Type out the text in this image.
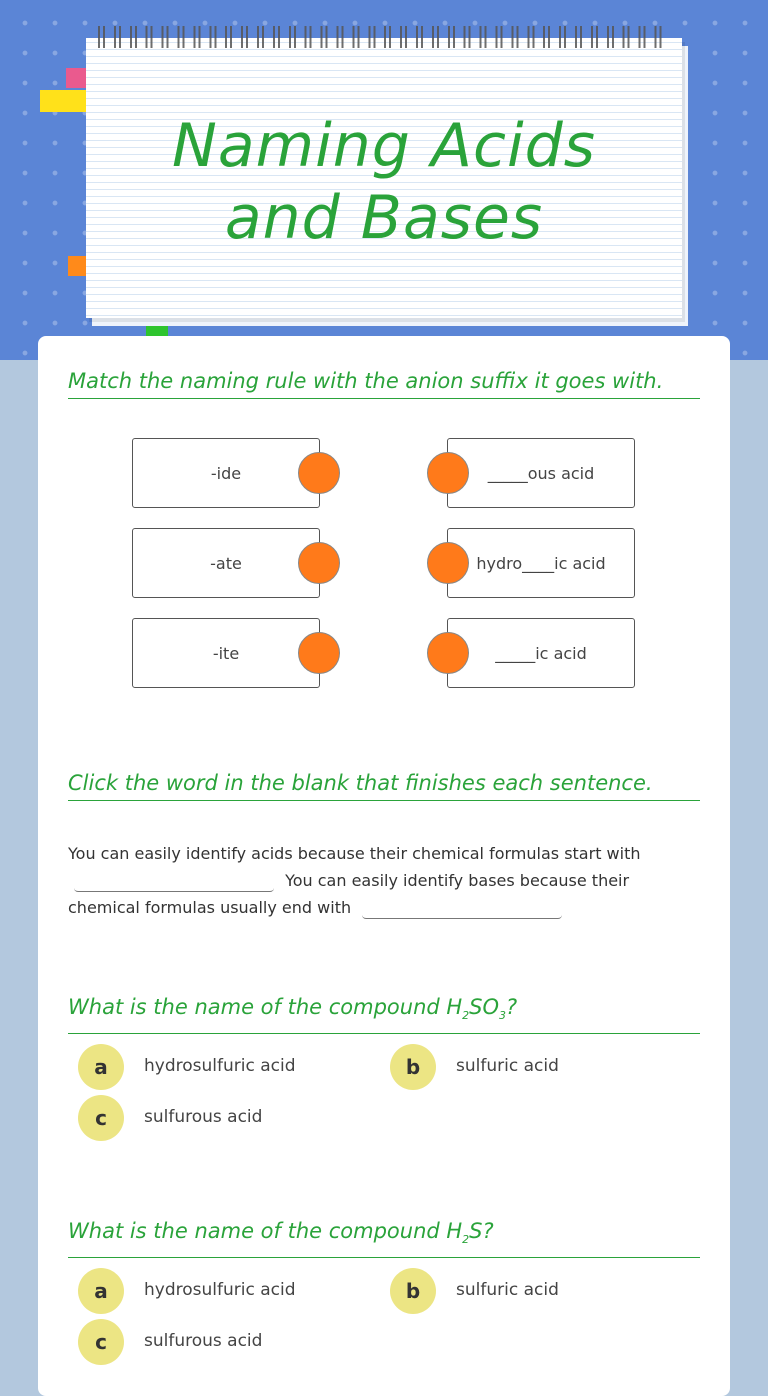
Naming Acids
and Bases
Match the naming rule with the anion suffix it goes with.
-ide	_____ous acid
-ate	hydro____ic acid
-ite	_____ic acid
Click the word in the blank that finishes each sentence.
You can easily identify acids because their chemical formulas start with  You can easily identify bases because their chemical formulas usually end with
What is the name of the compound $H_2SO_3$?
a	hydrosulfuric acid	b	sulfuric acid
c	sulfurous acid
What is the name of the compound $H_2S$?
a	hydrosulfuric acid	b	sulfuric acid
c	sulfurous acid
